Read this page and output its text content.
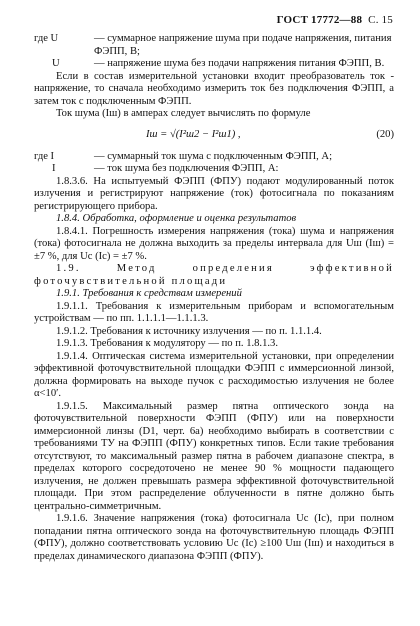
ГОСТ 17772—88 С. 15
где U	— суммарное напряжение шума при подаче напряжения, питания ФЭПП, В;
U	— напряжение шума без подачи напряжения питания ФЭПП, В.

Если в состав измерительной установки входит преобразователь ток - напряжение, то сначала необходимо измерить ток без подключения ФЭПП, а затем ток с подключенным ФЭПП.

Ток шума (Iш) в амперах следует вычислять по формуле

Iш = √(I²ш2 − I²ш1) ,	(20)
где I	— суммарный ток шума с подключенным ФЭПП, А;
I	— ток шума без подключения ФЭПП, А:

1.8.3.6. На испытуемый ФЭПП (ФПУ) подают модулированный поток излучения и регистрируют напряжение (ток) фотосигнала по показаниям регистрирующего прибора.

1.8.4. Обработка, оформление и оценка результатов

1.8.4.1. Погрешность измерения напряжения (тока) шума и напряжения (тока) фотосигнала не должна выходить за пределы интервала для Uш (Iш) = ±7 %, для Uс (Iс) = ±7 %.

1.9. Метод определения эффективной фоточувствительной площади

1.9.1. Требования к средствам измерений

1.9.1.1. Требования к измерительным приборам и вспомогательным устройствам — по пп. 1.1.1.1—1.1.1.3.

1.9.1.2. Требования к источнику излучения — по п. 1.1.1.4.

1.9.1.3. Требования к модулятору — по п. 1.8.1.3.

1.9.1.4. Оптическая система измерительной установки, при определении эффективной фоточувствительной площадки ФЭПП с иммерсионной линзой, должна формировать на выходе пучок с расходимостью излучения не более α<10′.

1.9.1.5. Максимальный размер пятна оптического зонда на фоточувствительной поверхности ФЭПП (ФПУ) или на поверхности иммерсионной линзы (D1, черт. 6а) необходимо выбирать в соответствии с требованиями ТУ на ФЭПП (ФПУ) конкретных типов. Если такие требования отсутствуют, то максимальный размер пятна в рабочем диапазоне спектра, в пределах которого сосредоточено не менее 90 % мощности падающего излучения, не должен превышать размера эффективной фоточувствительной площади. При этом распределение облученности в пятне должно быть центрально-симметричным.

1.9.1.6. Значение напряжения (тока) фотосигнала Uс (Iс), при полном попадании пятна оптического зонда на фоточувствительную площадь ФЭПП (ФПУ), должно соответствовать условию Uс (Iс) ≥100 Uш (Iш) и находиться в пределах динамического диапазона ФЭПП (ФПУ).
